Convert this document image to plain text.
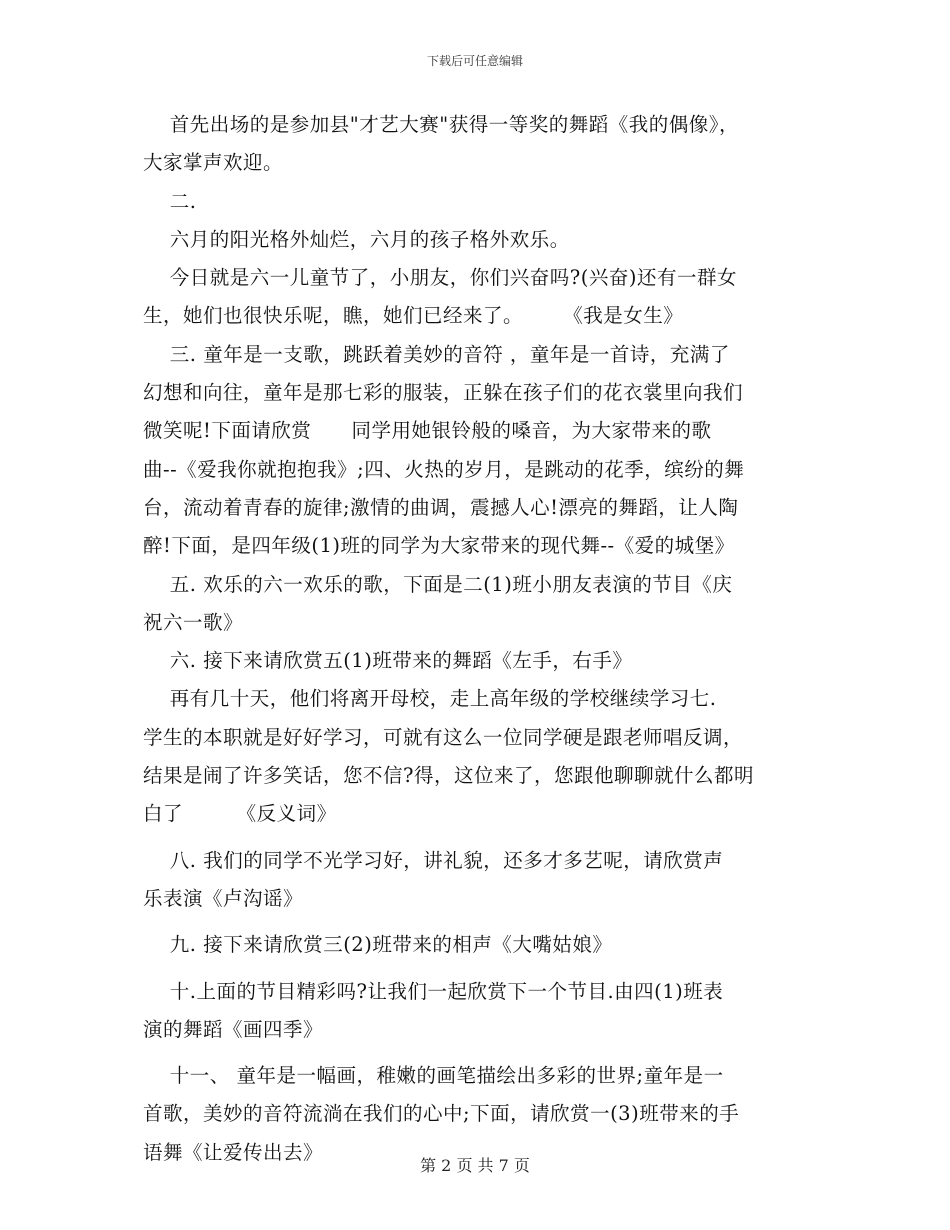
下载后可任意编辑
首先出场的是参加县"才艺大赛"获得一等奖的舞蹈《我的偶像》，
大家掌声欢迎。
二.
六月的阳光格外灿烂，六月的孩子格外欢乐。
今日就是六一儿童节了，小朋友，你们兴奋吗?(兴奋)还有一群女
生，她们也很快乐呢，瞧，她们已经来了。      《我是女生》
三. 童年是一支歌，跳跃着美妙的音符 ，童年是一首诗，充满了
幻想和向往，童年是那七彩的服装，正躲在孩子们的花衣裳里向我们
微笑呢!下面请欣赏      同学用她银铃般的嗓音，为大家带来的歌
曲--《爱我你就抱抱我》;四、火热的岁月，是跳动的花季，缤纷的舞
台，流动着青春的旋律;激情的曲调，震撼人心!漂亮的舞蹈，让人陶
醉!下面，是四年级(1)班的同学为大家带来的现代舞--《爱的城堡》
五. 欢乐的六一欢乐的歌，下面是二(1)班小朋友表演的节目《庆
祝六一歌》
六. 接下来请欣赏五(1)班带来的舞蹈《左手，右手》
再有几十天，他们将离开母校，走上高年级的学校继续学习七.
学生的本职就是好好学习，可就有这么一位同学硬是跟老师唱反调，
结果是闹了许多笑话，您不信?得，这位来了，您跟他聊聊就什么都明
白了        《反义词》
八. 我们的同学不光学习好，讲礼貌，还多才多艺呢，请欣赏声
乐表演《卢沟谣》
九. 接下来请欣赏三(2)班带来的相声《大嘴姑娘》
十.上面的节目精彩吗?让我们一起欣赏下一个节目.由四(1)班表
演的舞蹈《画四季》
十一、 童年是一幅画，稚嫩的画笔描绘出多彩的世界;童年是一
首歌，美妙的音符流淌在我们的心中;下面，请欣赏一(3)班带来的手
语舞《让爱传出去》
第 2 页 共 7 页
